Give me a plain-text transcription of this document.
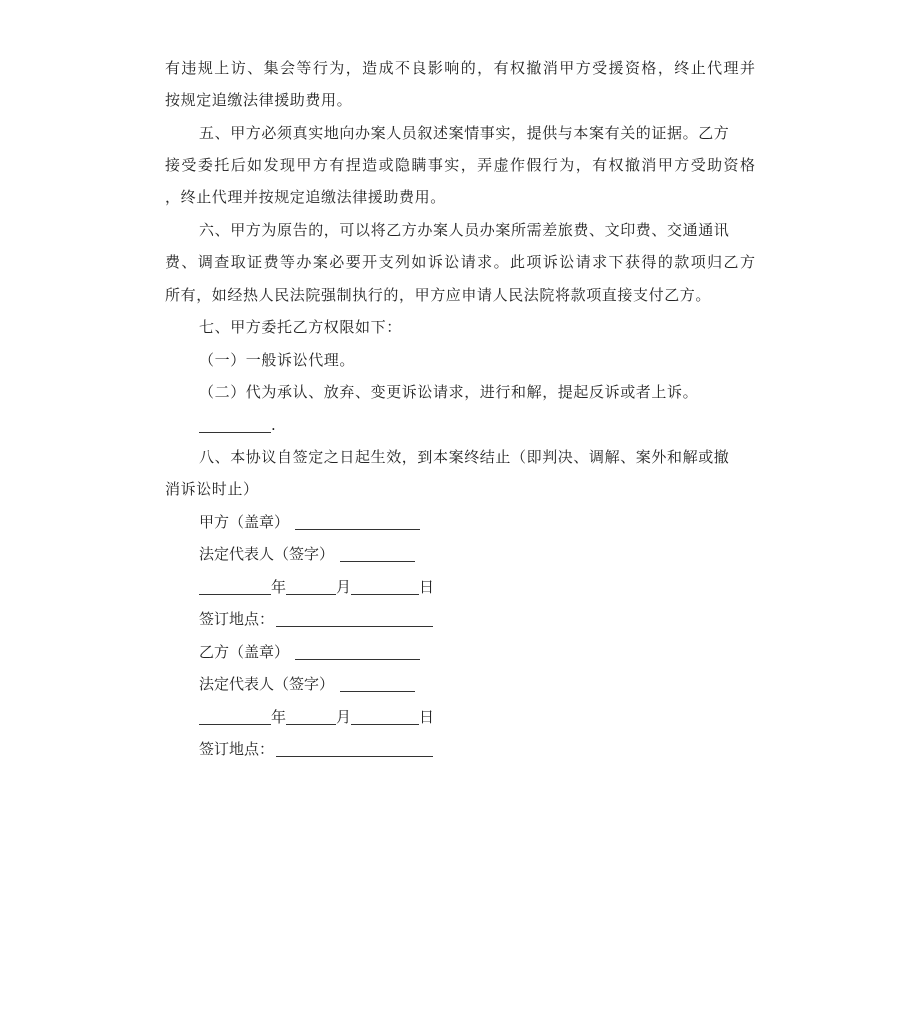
有违规上访、集会等行为，造成不良影响的，有权撤消甲方受援资格，终止代理并
按规定追缴法律援助费用。
五、甲方必须真实地向办案人员叙述案情事实，提供与本案有关的证据。乙方
接受委托后如发现甲方有捏造或隐瞒事实，弄虚作假行为，有权撤消甲方受助资格
，终止代理并按规定追缴法律援助费用。
六、甲方为原告的，可以将乙方办案人员办案所需差旅费、文印费、交通通讯
费、调查取证费等办案必要开支列如诉讼请求。此项诉讼请求下获得的款项归乙方
所有，如经热人民法院强制执行的，甲方应申请人民法院将款项直接支付乙方。
七、甲方委托乙方权限如下：
（一）一般诉讼代理。
（二）代为承认、放弃、变更诉讼请求，进行和解，提起反诉或者上诉。
.
八、本协议自签定之日起生效，到本案终结止（即判决、调解、案外和解或撤
消诉讼时止）
甲方（盖章）
法定代表人（签字）
年	月	日
签订地点：
乙方（盖章）
法定代表人（签字）
年	月	日
签订地点：
